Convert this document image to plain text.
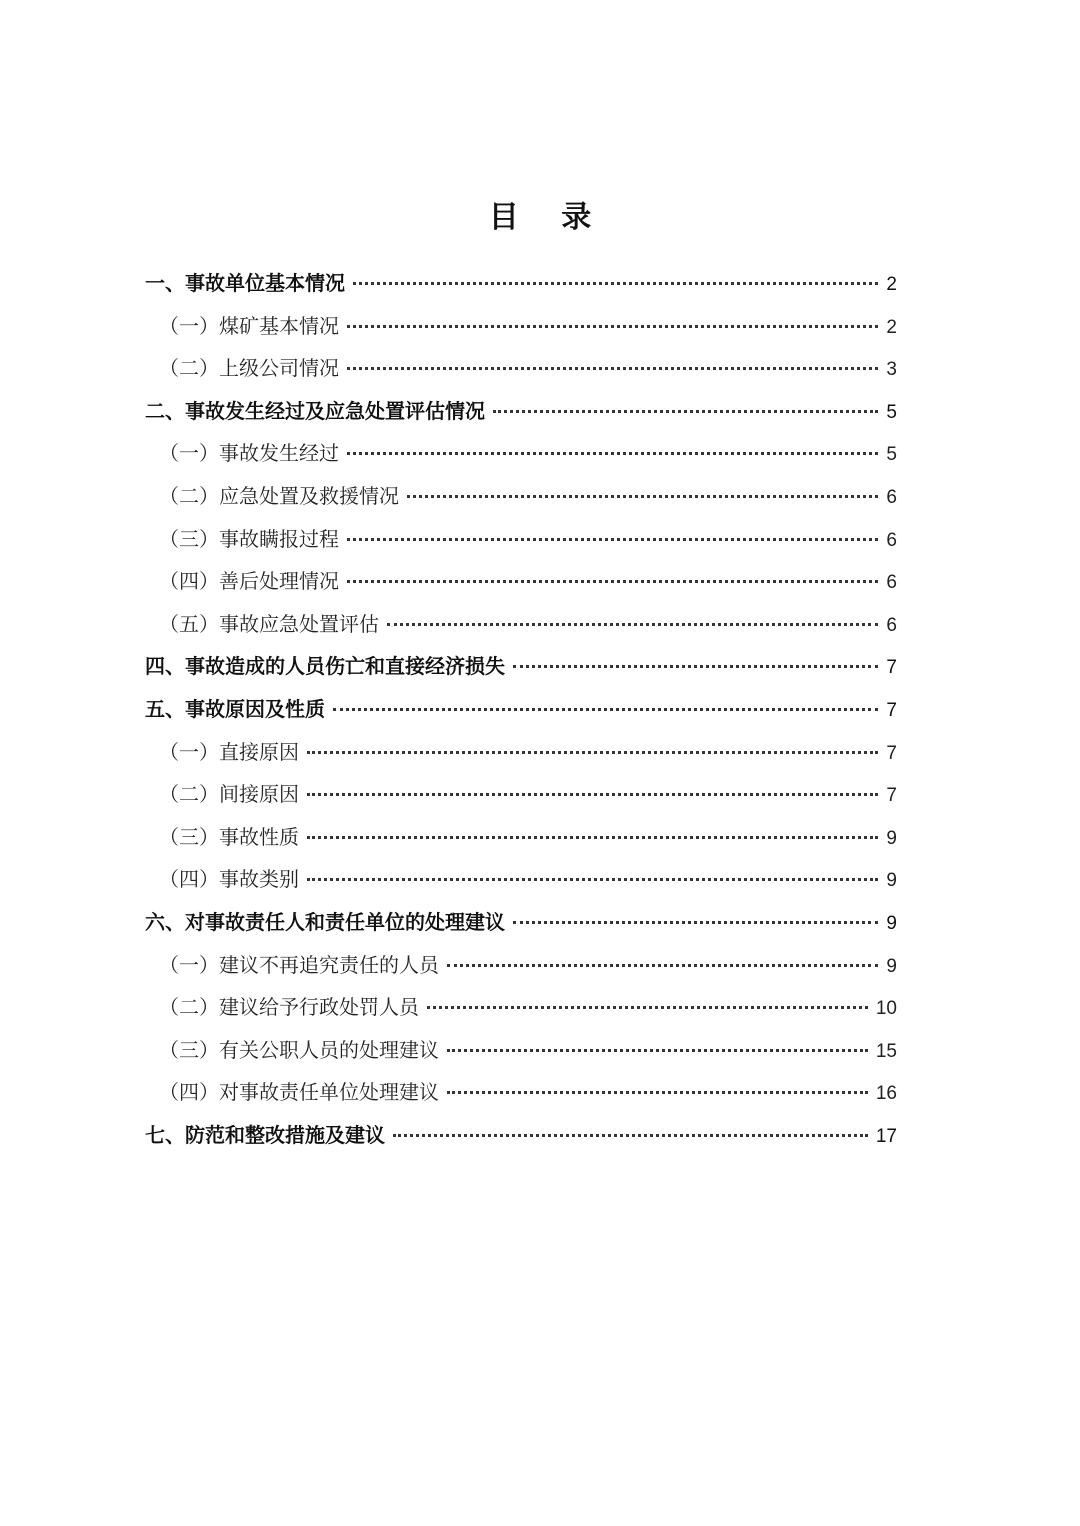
目 录
一、事故单位基本情况	2
（一）煤矿基本情况	2
（二）上级公司情况	3
二、事故发生经过及应急处置评估情况	5
（一）事故发生经过	5
（二）应急处置及救援情况	6
（三）事故瞒报过程	6
（四）善后处理情况	6
（五）事故应急处置评估	6
四、事故造成的人员伤亡和直接经济损失	7
五、事故原因及性质	7
（一）直接原因	7
（二）间接原因	7
（三）事故性质	9
（四）事故类别	9
六、对事故责任人和责任单位的处理建议	9
（一）建议不再追究责任的人员	9
（二）建议给予行政处罚人员	10
（三）有关公职人员的处理建议	15
（四）对事故责任单位处理建议	16
七、防范和整改措施及建议	17
